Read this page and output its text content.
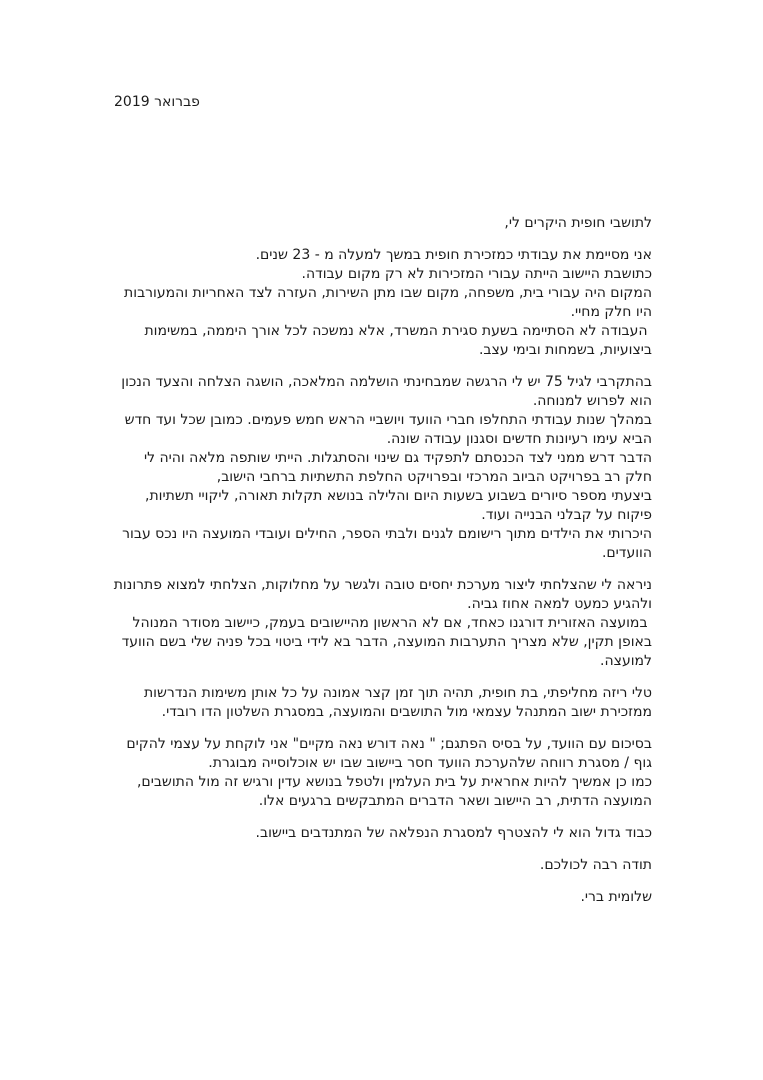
פברואר 2019
לתושבי חופית היקרים לי,
אני מסיימת את עבודתי כמזכירת חופית במשך למעלה מ - 23 שנים.
כתושבת היישוב הייתה עבורי המזכירות לא רק מקום עבודה.
המקום היה עבורי בית, משפחה, מקום שבו מתן השירות, העזרה לצד האחריות והמעורבות
היו חלק מחיי.
העבודה לא הסתיימה בשעת סגירת המשרד, אלא נמשכה לכל אורך היממה, במשימות
ביצועיות, בשמחות ובימי עצב.
בהתקרבי לגיל 75 יש לי הרגשה שמבחינתי הושלמה המלאכה, הושגה הצלחה והצעד הנכון
הוא לפרוש למנוחה.
במהלך שנות עבודתי התחלפו חברי הוועד ויושביי הראש חמש פעמים. כמובן שכל ועד חדש
הביא עימו רעיונות חדשים וסגנון עבודה שונה.
הדבר דרש ממני לצד הכנסתם לתפקיד גם שינוי והסתגלות. הייתי שותפה מלאה והיה לי
חלק רב בפרויקט הביוב המרכזי ובפרויקט החלפת התשתיות ברחבי הישוב,
ביצעתי מספר סיורים בשבוע בשעות היום והלילה בנושא תקלות תאורה, ליקויי תשתיות,
פיקוח על קבלני הבנייה ועוד.
היכרותי את הילדים מתוך רישומם לגנים ולבתי הספר, החילים ועובדי המועצה היו נכס עבור
הוועדים.
ניראה לי שהצלחתי ליצור מערכת יחסים טובה ולגשר על מחלוקות, הצלחתי למצוא פתרונות
ולהגיע כמעט למאה אחוז גביה.
במועצה האזורית דורגנו כאחד, אם לא הראשון מהיישובים בעמק, כיישוב מסודר המנוהל
באופן תקין, שלא מצריך התערבות המועצה, הדבר בא לידי ביטוי בכל פניה שלי בשם הוועד
למועצה.
טלי ריזה מחליפתי, בת חופית, תהיה תוך זמן קצר אמונה על כל אותן משימות הנדרשות
ממזכירת ישוב המתנהל עצמאי מול התושבים והמועצה, במסגרת השלטון הדו רובדי.
בסיכום עם הוועד, על בסיס הפתגם; " נאה דורש נאה מקיים" אני לוקחת על עצמי להקים
גוף / מסגרת רווחה שלהערכת הוועד חסר ביישוב שבו יש אוכלוסייה מבוגרת.
כמו כן אמשיך להיות אחראית על בית העלמין ולטפל בנושא עדין ורגיש זה מול התושבים,
המועצה הדתית, רב היישוב ושאר הדברים המתבקשים ברגעים אלו.
כבוד גדול הוא לי להצטרף למסגרת הנפלאה של המתנדבים ביישוב.
תודה רבה לכולכם.
שלומית ברי.
